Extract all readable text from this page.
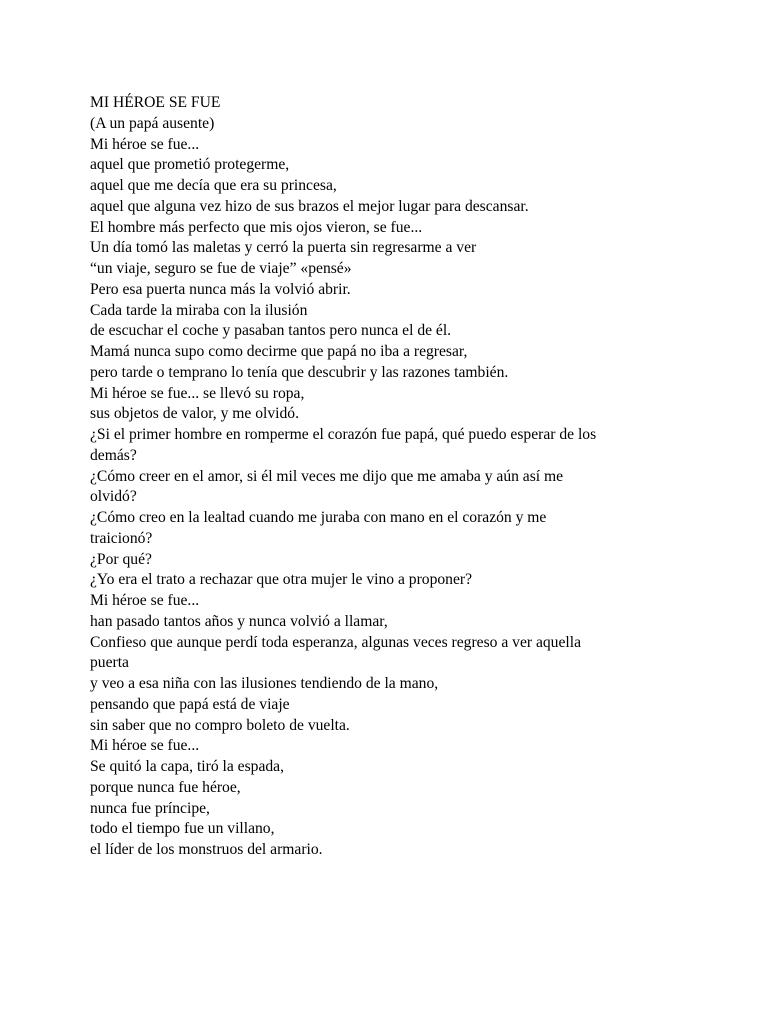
MI HÉROE SE FUE
(A un papá ausente)
Mi héroe se fue...
aquel que prometió protegerme,
aquel que me decía que era su princesa,
aquel que alguna vez hizo de sus brazos el mejor lugar para descansar.
El hombre más perfecto que mis ojos vieron, se fue...
Un día tomó las maletas y cerró la puerta sin regresarme a ver
“un viaje, seguro se fue de viaje” «pensé»
Pero esa puerta nunca más la volvió abrir.
Cada tarde la miraba con la ilusión
de escuchar el coche y pasaban tantos pero nunca el de él.
Mamá nunca supo como decirme que papá no iba a regresar,
pero tarde o temprano lo tenía que descubrir y las razones también.
Mi héroe se fue... se llevó su ropa,
sus objetos de valor, y me olvidó.
¿Si el primer hombre en romperme el corazón fue papá, qué puedo esperar de los
demás?
¿Cómo creer en el amor, si él mil veces me dijo que me amaba y aún así me
olvidó?
¿Cómo creo en la lealtad cuando me juraba con mano en el corazón y me
traicionó?
¿Por qué?
¿Yo era el trato a rechazar que otra mujer le vino a proponer?
Mi héroe se fue...
han pasado tantos años y nunca volvió a llamar,
Confieso que aunque perdí toda esperanza, algunas veces regreso a ver aquella
puerta
y veo a esa niña con las ilusiones tendiendo de la mano,
pensando que papá está de viaje
sin saber que no compro boleto de vuelta.
Mi héroe se fue...
Se quitó la capa, tiró la espada,
porque nunca fue héroe,
nunca fue príncipe,
todo el tiempo fue un villano,
el líder de los monstruos del armario.
